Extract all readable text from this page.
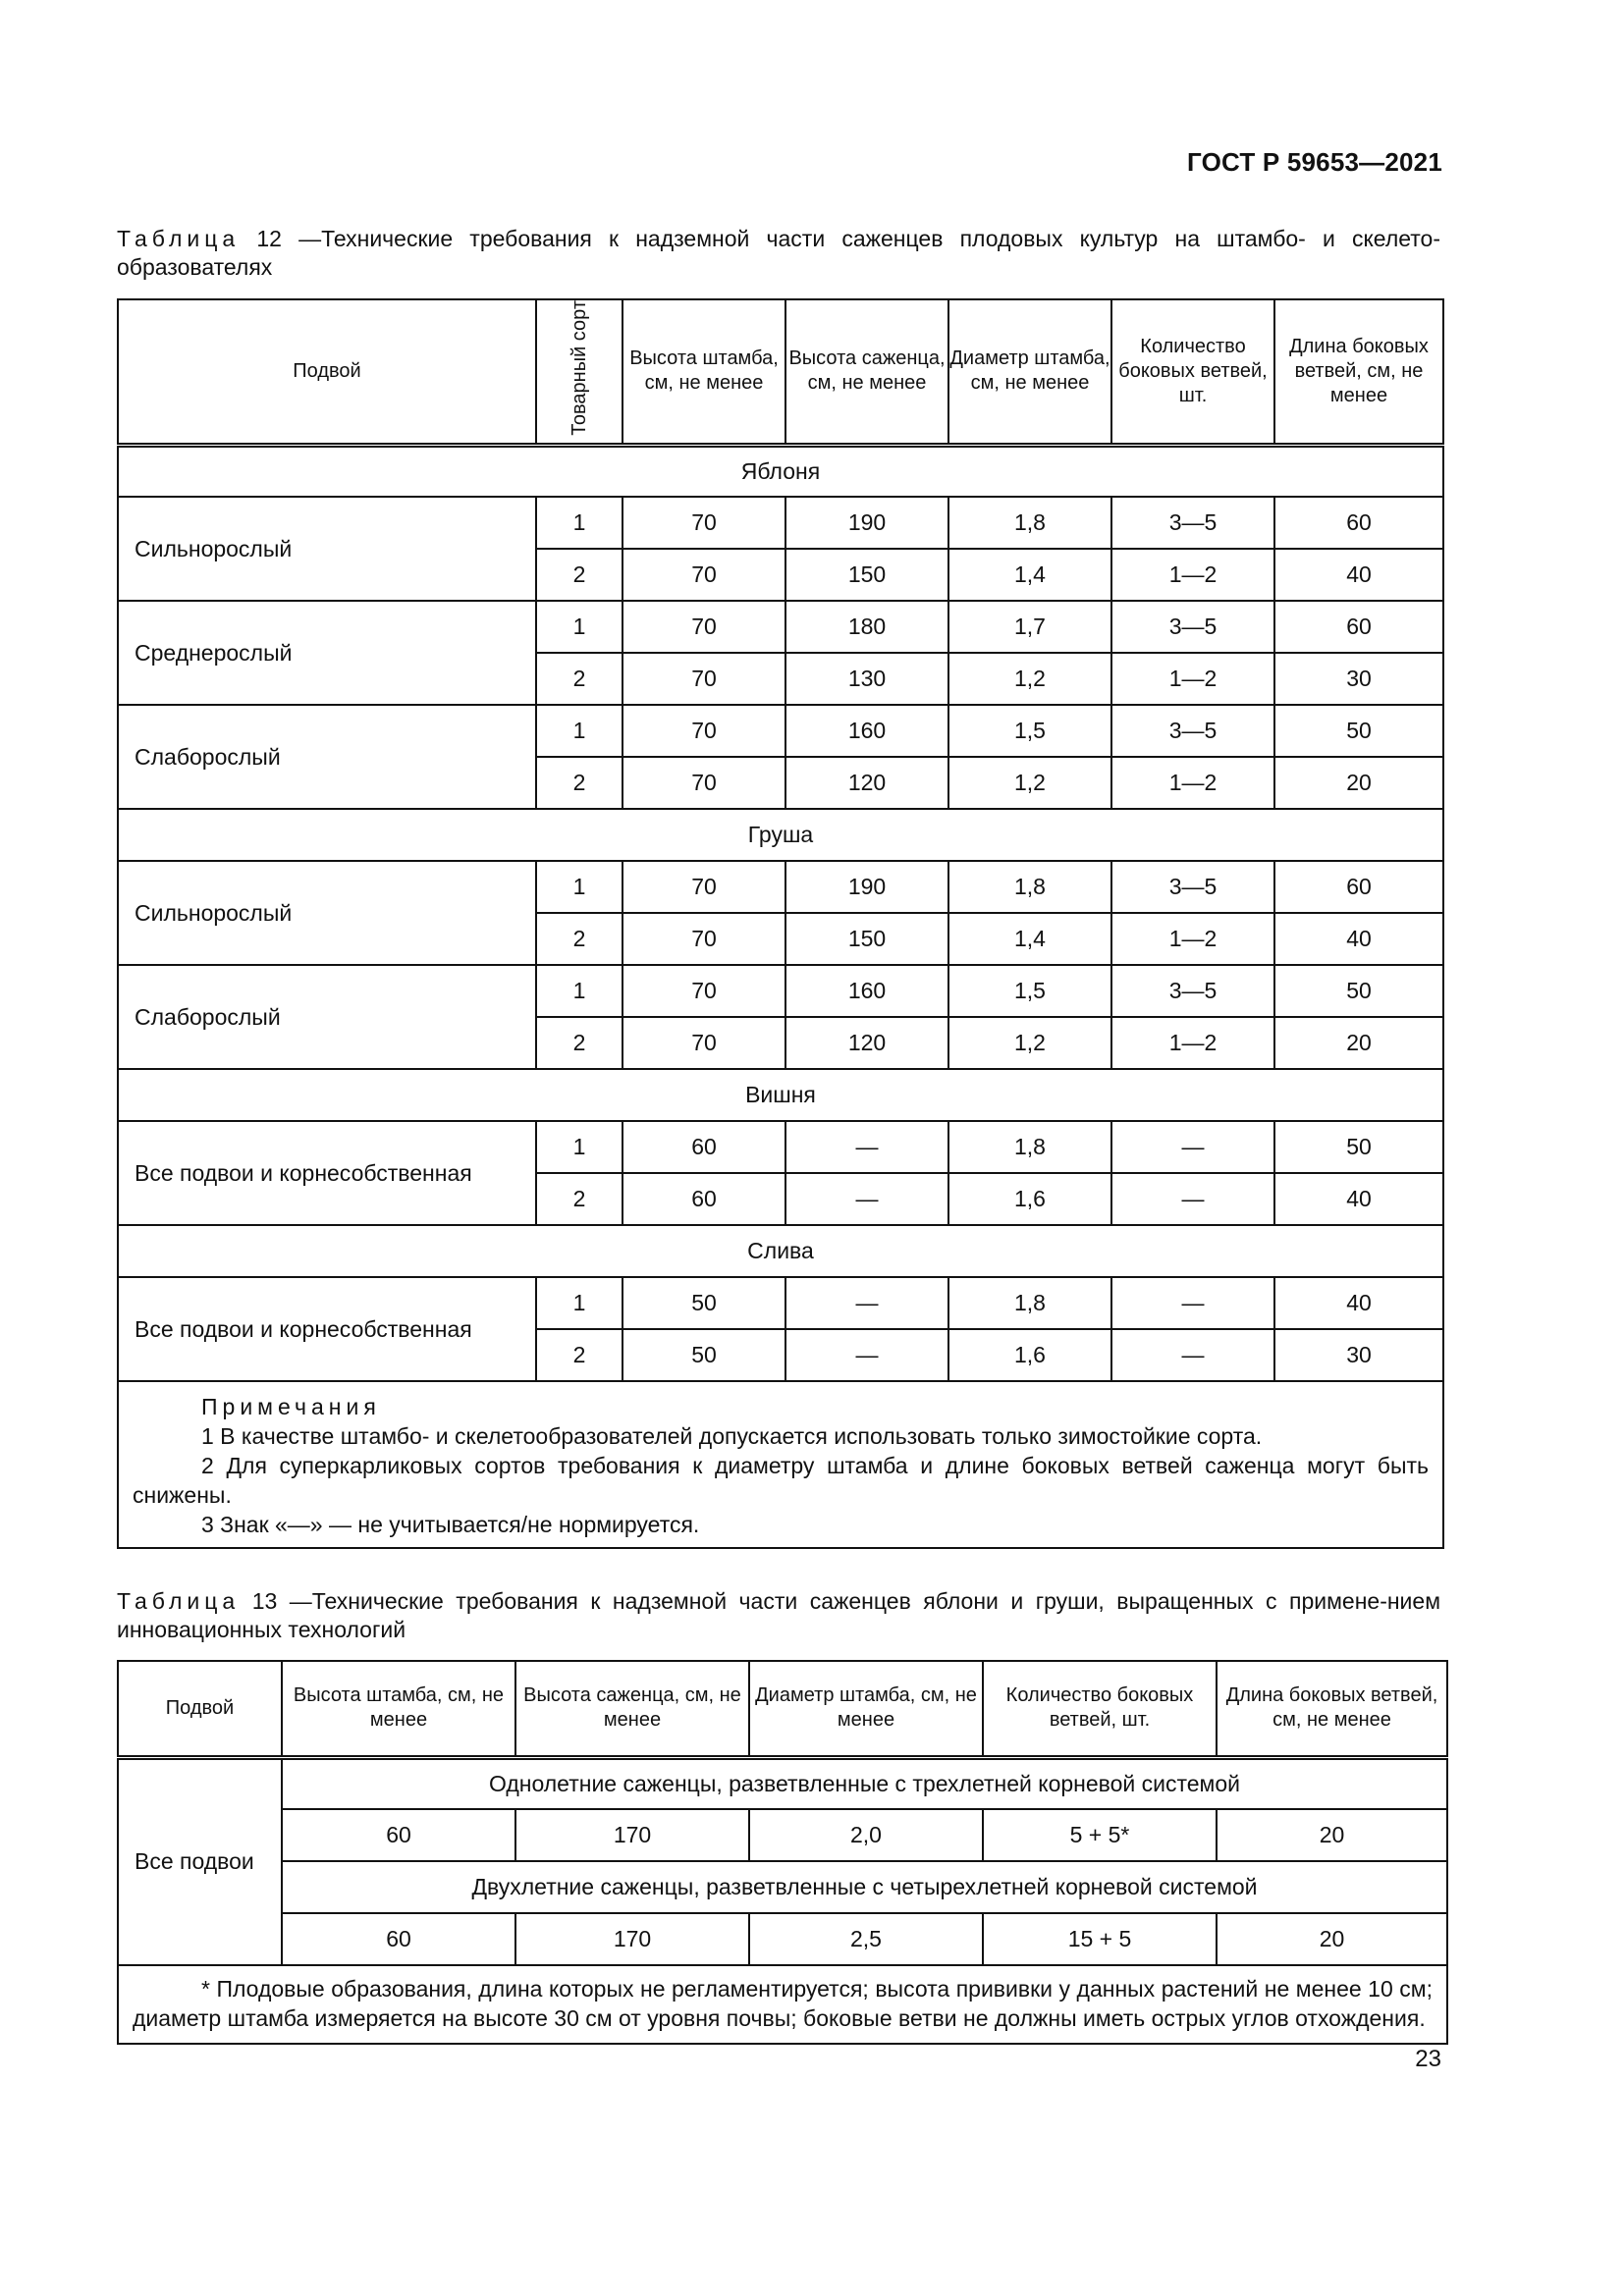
ГОСТ Р 59653—2021
Таблица 12 —Технические требования к надземной части саженцев плодовых культур на штамбо- и скелето-образователях
Подвой	Товарный сорт	Высота штамба, см, не менее	Высота саженца, см, не менее	Диаметр штамба, см, не менее	Количество боковых ветвей, шт.	Длина боковых ветвей, см, не менее
Яблоня						
Сильнорослый	1	70	190	1,8	3—5	60
	2	70	150	1,4	1—2	40
Среднерослый	1	70	180	1,7	3—5	60
	2	70	130	1,2	1—2	30
Слаборослый	1	70	160	1,5	3—5	50
	2	70	120	1,2	1—2	20
Груша						
Сильнорослый	1	70	190	1,8	3—5	60
	2	70	150	1,4	1—2	40
Слаборослый	1	70	160	1,5	3—5	50
	2	70	120	1,2	1—2	20
Вишня						
Все подвои и корнесобственная	1	60	—	1,8	—	50
	2	60	—	1,6	—	40
Слива						
Все подвои и корнесобственная	1	50	—	1,8	—	40
	2	50	—	1,6	—	30

Примечания
1 В качестве штамбо- и скелетообразователей допускается использовать только зимостойкие сорта.
2 Для суперкарликовых сортов требования к диаметру штамба и длине боковых ветвей саженца могут быть снижены.
3 Знак «—» — не учитывается/не нормируется.						
Таблица 13 —Технические требования к надземной части саженцев яблони и груши, выращенных с примене-нием инновационных технологий
Подвой	Высота штамба, см, не менее	Высота саженца, см, не менее	Диаметр штамба, см, не менее	Количество боковых ветвей, шт.	Длина боковых ветвей, см, не менее
Все подвои	Однолетние саженцы, разветвленные с трехлетней корневой системой				
	60	170	2,0	5 + 5*	20
	Двухлетние саженцы, разветвленные с четырехлетней корневой системой				
	60	170	2,5	15 + 5	20
* Плодовые образования, длина которых не регламентируется; высота прививки у данных растений не менее 10 см; диаметр штамба измеряется на высоте 30 см от уровня почвы; боковые ветви не должны иметь острых углов отхождения.					
23
